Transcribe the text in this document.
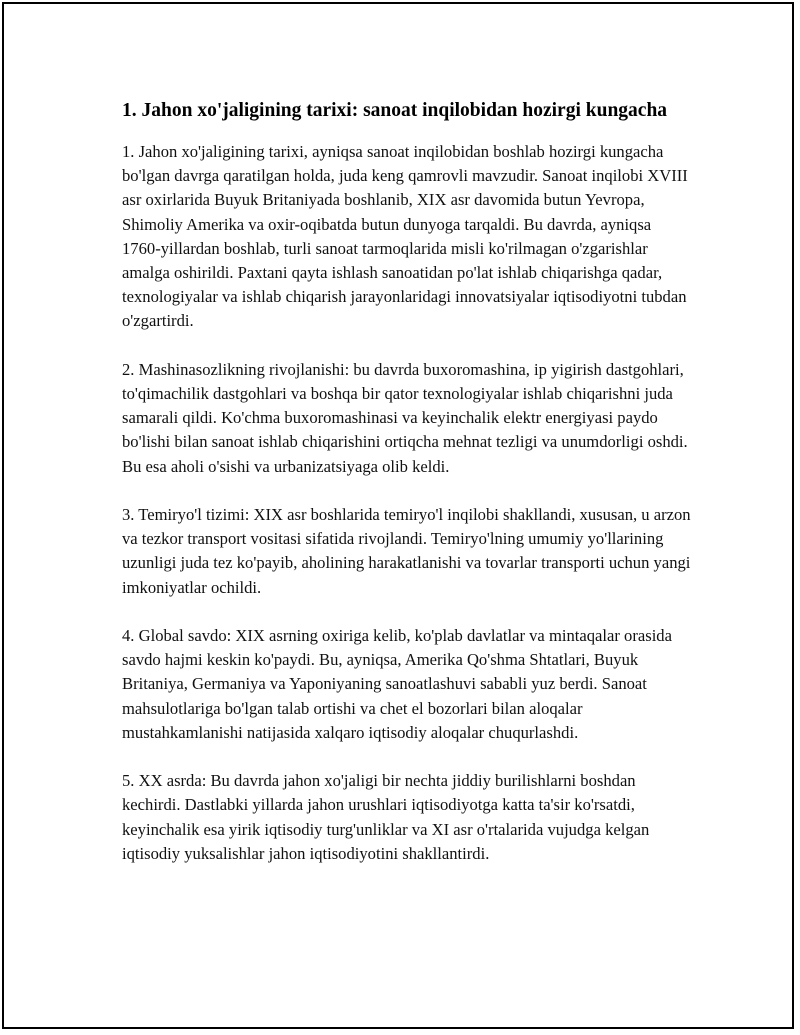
1. Jahon xo'jaligining tarixi: sanoat inqilobidan hozirgi kungacha

1. Jahon xo'jaligining tarixi, ayniqsa sanoat inqilobidan boshlab hozirgi kungacha bo'lgan davrga qaratilgan holda, juda keng qamrovli mavzudir. Sanoat inqilobi XVIII asr oxirlarida Buyuk Britaniyada boshlanib, XIX asr davomida butun Yevropa, Shimoliy Amerika va oxir-oqibatda butun dunyoga tarqaldi. Bu davrda, ayniqsa 1760-yillardan boshlab, turli sanoat tarmoqlarida misli ko'rilmagan o'zgarishlar amalga oshirildi. Paxtani qayta ishlash sanoatidan po'lat ishlab chiqarishga qadar, texnologiyalar va ishlab chiqarish jarayonlaridagi innovatsiyalar iqtisodiyotni tubdan o'zgartirdi.

2. Mashinasozlikning rivojlanishi: bu davrda buxoromashina, ip yigirish dastgohlari, to'qimachilik dastgohlari va boshqa bir qator texnologiyalar ishlab chiqarishni juda samarali qildi. Ko'chma buxoromashinasi va keyinchalik elektr energiyasi paydo bo'lishi bilan sanoat ishlab chiqarishini ortiqcha mehnat tezligi va unumdorligi oshdi. Bu esa aholi o'sishi va urbanizatsiyaga olib keldi.

3. Temiryo'l tizimi: XIX asr boshlarida temiryo'l inqilobi shakllandi, xususan, u arzon va tezkor transport vositasi sifatida rivojlandi. Temiryo'lning umumiy yo'llarining uzunligi juda tez ko'payib, aholining harakatlanishi va tovarlar transporti uchun yangi imkoniyatlar ochildi.

4. Global savdo: XIX asrning oxiriga kelib, ko'plab davlatlar va mintaqalar orasida savdo hajmi keskin ko'paydi. Bu, ayniqsa, Amerika Qo'shma Shtatlari, Buyuk Britaniya, Germaniya va Yaponiyaning sanoatlashuvi sababli yuz berdi. Sanoat mahsulotlariga bo'lgan talab ortishi va chet el bozorlari bilan aloqalar mustahkamlanishi natijasida xalqaro iqtisodiy aloqalar chuqurlashdi.

5. XX asrda: Bu davrda jahon xo'jaligi bir nechta jiddiy burilishlarni boshdan kechirdi. Dastlabki yillarda jahon urushlari iqtisodiyotga katta ta'sir ko'rsatdi, keyinchalik esa yirik iqtisodiy turg'unliklar va XI asr o'rtalarida vujudga kelgan iqtisodiy yuksalishlar jahon iqtisodiyotini shakllantirdi.
